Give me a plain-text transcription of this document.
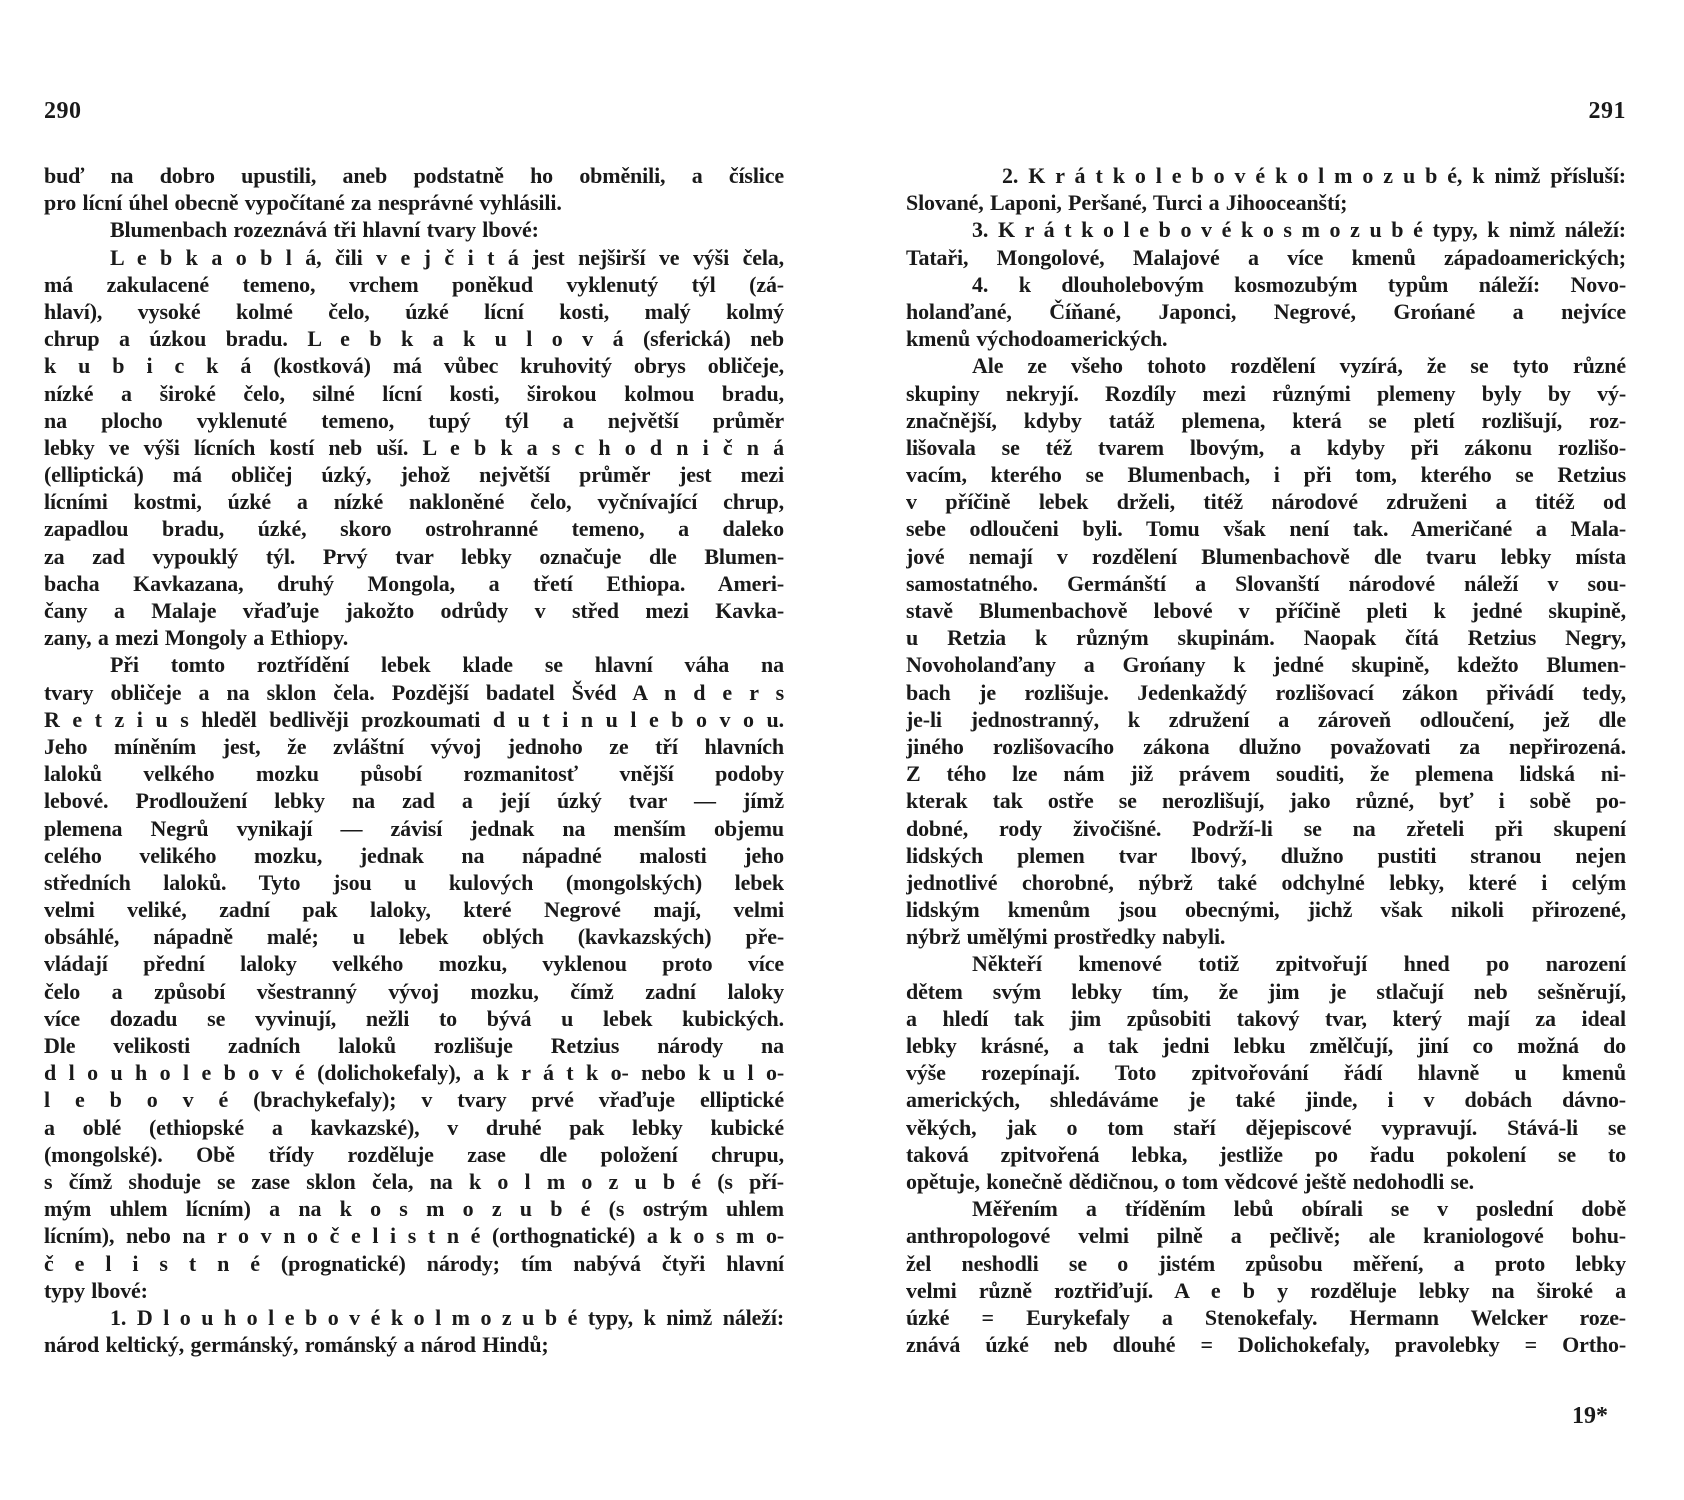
290
buď na dobro upustili, aneb podstatně ho obměnili, a číslice
pro lícní úhel obecně vypočítané za nesprávné vyhlásili.
Blumenbach rozeznává tři hlavní tvary lbové:
L e b k a o b l á, čili v e j č i t á jest nejširší ve výši čela,
má zakulacené temeno, vrchem poněkud vyklenutý týl (zá-
hlaví), vysoké kolmé čelo, úzké lícní kosti, malý kolmý
chrup a úzkou bradu. L e b k a k u l o v á (sferická) neb
k u b i c k á (kostková) má vůbec kruhovitý obrys obličeje,
nízké a široké čelo, silné lícní kosti, širokou kolmou bradu,
na plocho vyklenuté temeno, tupý týl a největší průměr
lebky ve výši lícních kostí neb uší. L e b k a s c h o d n i č n á
(elliptická) má obličej úzký, jehož největší průměr jest mezi
lícními kostmi, úzké a nízké nakloněné čelo, vyčnívající chrup,
zapadlou bradu, úzké, skoro ostrohranné temeno, a daleko
za zad vypouklý týl. Prvý tvar lebky označuje dle Blumen-
bacha Kavkazana, druhý Mongola, a třetí Ethiopa. Ameri-
čany a Malaje vřaďuje jakožto odrůdy v střed mezi Kavka-
zany, a mezi Mongoly a Ethiopy.
Při tomto roztřídění lebek klade se hlavní váha na
tvary obličeje a na sklon čela. Pozdější badatel Švéd A n d e r s
R e t z i u s hleděl bedlivěji prozkoumati d u t i n u l e b o v o u.
Jeho míněním jest, že zvláštní vývoj jednoho ze tří hlavních
laloků velkého mozku působí rozmanitosť vnější podoby
lebové. Prodloužení lebky na zad a její úzký tvar — jímž
plemena Negrů vynikají — závisí jednak na menším objemu
celého velikého mozku, jednak na nápadné malosti jeho
středních laloků. Tyto jsou u kulových (mongolských) lebek
velmi veliké, zadní pak laloky, které Negrové mají, velmi
obsáhlé, nápadně malé; u lebek oblých (kavkazských) pře-
vládají přední laloky velkého mozku, vyklenou proto více
čelo a způsobí všestranný vývoj mozku, čímž zadní laloky
více dozadu se vyvinují, nežli to bývá u lebek kubických.
Dle velikosti zadních laloků rozlišuje Retzius národy na
d l o u h o l e b o v é (dolichokefaly), a k r á t k o- nebo k u l o-
l e b o v é (brachykefaly); v tvary prvé vřaďuje elliptické
a oblé (ethiopské a kavkazské), v druhé pak lebky kubické
(mongolské). Obě třídy rozděluje zase dle položení chrupu,
s čímž shoduje se zase sklon čela, na k o l m o z u b é (s pří-
mým uhlem lícním) a na k o s m o z u b é (s ostrým uhlem
lícním), nebo na r o v n o č e l i s t n é (orthognatické) a k o s m o-
č e l i s t n é (prognatické) národy; tím nabývá čtyři hlavní
typy lbové:
1. D l o u h o l e b o v é k o l m o z u b é typy, k nimž náleží:
národ keltický, germánský, románský a národ Hindů;
291
2. K r á t k o l e b o v é k o l m o z u b é, k nimž přísluší:
Slované, Laponi, Peršané, Turci a Jihooceanští;
3. K r á t k o l e b o v é k o s m o z u b é typy, k nimž náleží:
Tataři, Mongolové, Malajové a více kmenů západoamerických;
4. k dlouholebovým kosmozubým typům náleží: Novo-
holanďané, Číňané, Japonci, Negrové, Grońané a nejvíce
kmenů východoamerických.
Ale ze všeho tohoto rozdělení vyzírá, že se tyto různé
skupiny nekryjí. Rozdíly mezi různými plemeny byly by vý-
značnější, kdyby tatáž plemena, která se pletí rozlišují, roz-
lišovala se též tvarem lbovým, a kdyby při zákonu rozlišo-
vacím, kterého se Blumenbach, i při tom, kterého se Retzius
v příčině lebek drželi, titéž národové združeni a titéž od
sebe odloučeni byli. Tomu však není tak. Američané a Mala-
jové nemají v rozdělení Blumenbachově dle tvaru lebky místa
samostatného. Germánští a Slovanští národové náleží v sou-
stavě Blumenbachově lebové v příčině pleti k jedné skupině,
u Retzia k různým skupinám. Naopak čítá Retzius Negry,
Novoholanďany a Grońany k jedné skupině, kdežto Blumen-
bach je rozlišuje. Jedenkaždý rozlišovací zákon přivádí tedy,
je-li jednostranný, k združení a zároveň odloučení, jež dle
jiného rozlišovacího zákona dlužno považovati za nepřirozená.
Z tého lze nám již právem souditi, že plemena lidská ni-
kterak tak ostře se nerozlišují, jako různé, byť i sobě po-
dobné, rody živočišné. Podrží-li se na zřeteli při skupení
lidských plemen tvar lbový, dlužno pustiti stranou nejen
jednotlivé chorobné, nýbrž také odchylné lebky, které i celým
lidským kmenům jsou obecnými, jichž však nikoli přirozené,
nýbrž umělými prostředky nabyli.
Někteří kmenové totiž zpitvořují hned po narození
dětem svým lebky tím, že jim je stlačují neb sešněrují,
a hledí tak jim způsobiti takový tvar, který mají za ideal
lebky krásné, a tak jedni lebku změlčují, jiní co možná do
výše rozepínají. Toto zpitvořování řádí hlavně u kmenů
amerických, shledáváme je také jinde, i v dobách dávno-
věkých, jak o tom staří dějepiscové vypravují. Stává-li se
taková zpitvořená lebka, jestliže po řadu pokolení se to
opětuje, konečně dědičnou, o tom vědcové ještě nedohodli se.
Měřením a tříděním lebů obírali se v poslední době
anthropologové velmi pilně a pečlivě; ale kraniologové bohu-
žel neshodli se o jistém způsobu měření, a proto lebky
velmi různě roztřiďují. A e b y rozděluje lebky na široké a
úzké = Eurykefaly a Stenokefaly. Hermann Welcker roze-
znává úzké neb dlouhé = Dolichokefaly, pravolebky = Ortho-
19*
